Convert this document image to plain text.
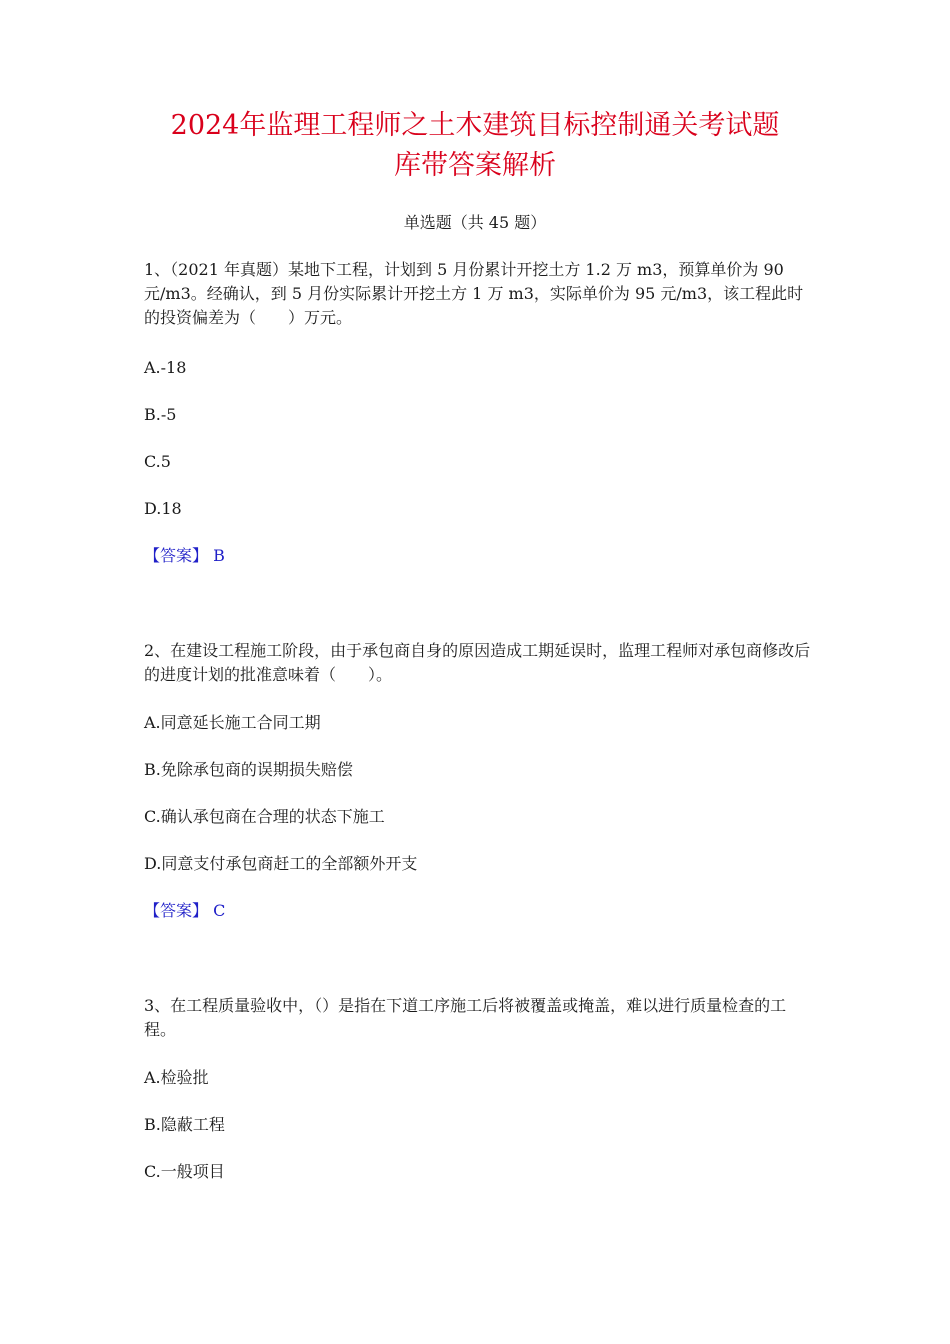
2024年监理工程师之土木建筑目标控制通关考试题
库带答案解析
单选题（共 45 题）
1、（2021 年真题）某地下工程，计划到 5 月份累计开挖土方 1.2 万 m3，预算单价为 90 元/m3。经确认，到 5 月份实际累计开挖土方 1 万 m3，实际单价为 95 元/m3，该工程此时的投资偏差为（　　）万元。
A.-18
B.-5
C.5
D.18
【答案】 B
2、在建设工程施工阶段，由于承包商自身的原因造成工期延误时，监理工程师对承包商修改后的进度计划的批准意味着（　　）。
A.同意延长施工合同工期
B.免除承包商的误期损失赔偿
C.确认承包商在合理的状态下施工
D.同意支付承包商赶工的全部额外开支
【答案】 C
3、在工程质量验收中，（）是指在下道工序施工后将被覆盖或掩盖，难以进行质量检查的工程。
A.检验批
B.隐蔽工程
C.一般项目
